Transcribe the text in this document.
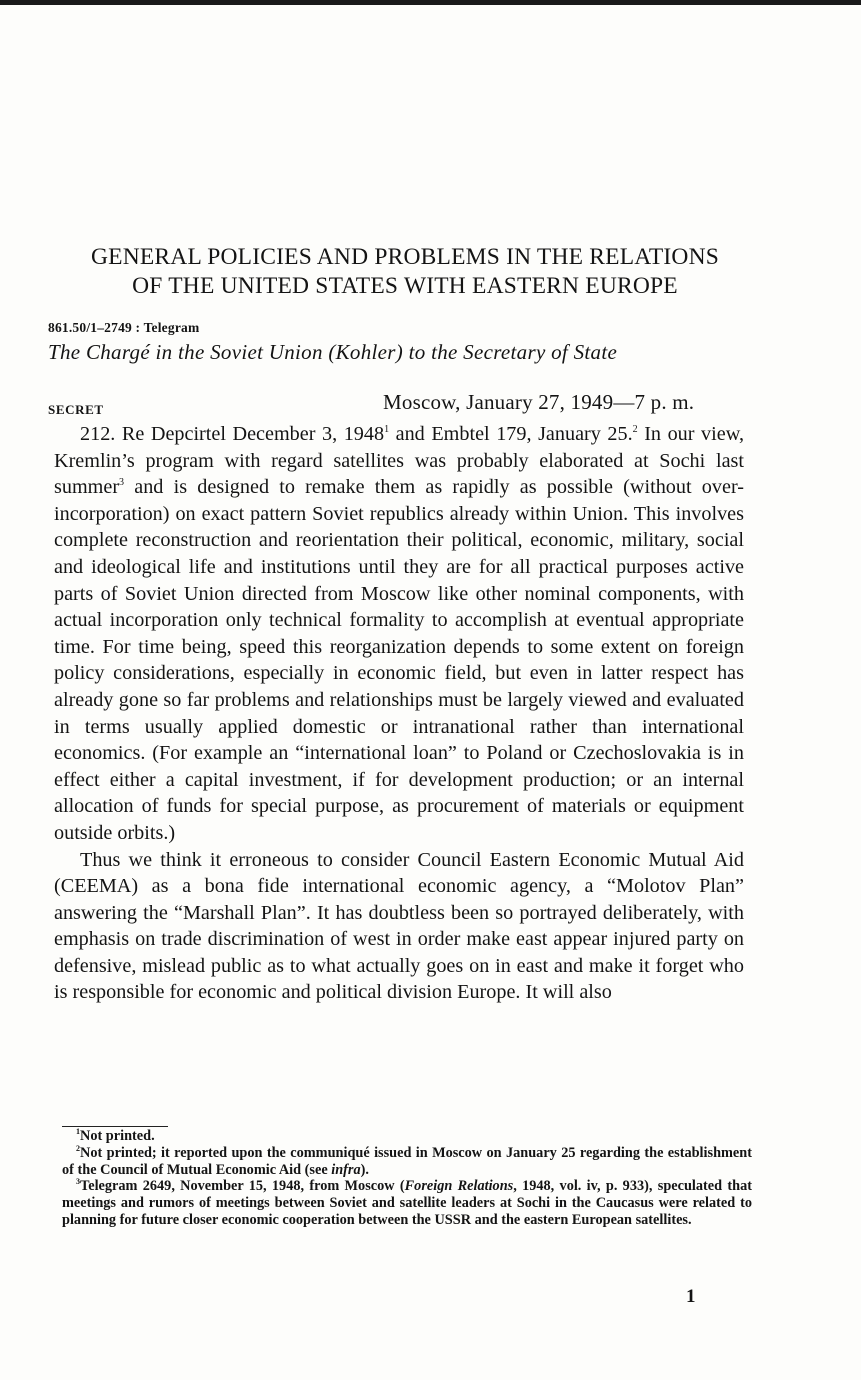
GENERAL POLICIES AND PROBLEMS IN THE RELATIONS
OF THE UNITED STATES WITH EASTERN EUROPE
861.50/1–2749 : Telegram
The Chargé in the Soviet Union (Kohler) to the Secretary of State
SECRET	Moscow, January 27, 1949—7 p. m.

212. Re Depcirtel December 3, 1948$^1$ and Embtel 179, January 25.$^2$ In our view, Kremlin’s program with regard satellites was probably elaborated at Sochi last summer$^3$ and is designed to remake them as rapidly as possible (without over-incorporation) on exact pattern Soviet republics already within Union. This involves complete reconstruction and reorientation their political, economic, military, social and ideological life and institutions until they are for all practical purposes active parts of Soviet Union directed from Moscow like other nominal components, with actual incorporation only technical formality to accomplish at eventual appropriate time. For time being, speed this reorganization depends to some extent on foreign policy considerations, especially in economic field, but even in latter respect has already gone so far problems and relationships must be largely viewed and evaluated in terms usually applied domestic or intranational rather than international economics. (For example an “international loan” to Poland or Czechoslovakia is in effect either a capital investment, if for development production; or an internal allocation of funds for special purpose, as procurement of materials or equipment outside orbits.)

Thus we think it erroneous to consider Council Eastern Economic Mutual Aid (CEEMA) as a bona fide international economic agency, a “Molotov Plan” answering the “Marshall Plan”. It has doubtless been so portrayed deliberately, with emphasis on trade discrimination of west in order make east appear injured party on defensive, mislead public as to what actually goes on in east and make it forget who is responsible for economic and political division Europe. It will also

$^1$Not printed.

$^2$Not printed; it reported upon the communiqué issued in Moscow on January 25 regarding the establishment of the Council of Mutual Economic Aid (see infra).

$^3$Telegram 2649, November 15, 1948, from Moscow (Foreign Relations, 1948, vol. iv, p. 933), speculated that meetings and rumors of meetings between Soviet and satellite leaders at Sochi in the Caucasus were related to planning for future closer economic cooperation between the USSR and the eastern European satellites.

1
